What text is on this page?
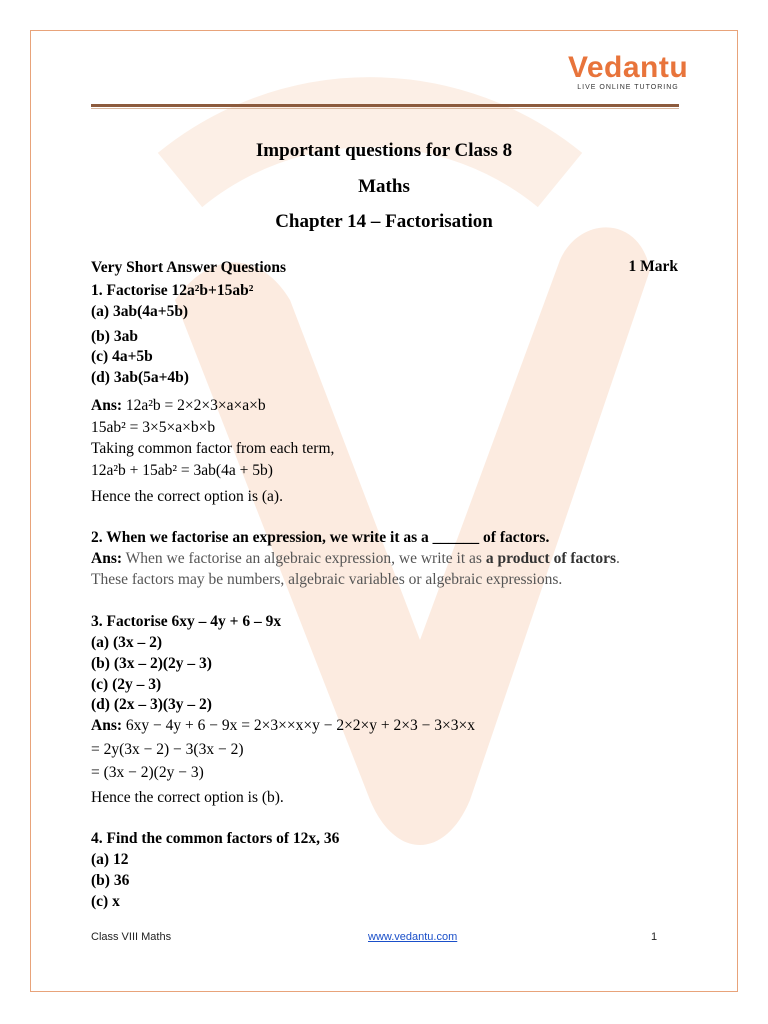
Vedantu
LIVE ONLINE TUTORING
Important questions for Class 8
Maths
Chapter 14 – Factorisation
Very Short Answer Questions	1 Mark
1. Factorise 12a²b+15ab²
(a) 3ab(4a+5b)
(b) 3ab
(c) 4a+5b
(d) 3ab(5a+4b)
Ans: 12a²b = 2×2×3×a×a×b
15ab² = 3×5×a×b×b
Taking common factor from each term,
12a²b + 15ab² = 3ab(4a + 5b)
Hence the correct option is (a).
2. When we factorise an expression, we write it as a ______ of factors.
Ans: When we factorise an algebraic expression, we write it as a product of factors.
These factors may be numbers, algebraic variables or algebraic expressions.
3. Factorise 6xy – 4y + 6 – 9x
(a) (3x – 2)
(b) (3x – 2)(2y – 3)
(c) (2y – 3)
(d) (2x – 3)(3y – 2)
Ans: 6xy − 4y + 6 − 9x = 2×3××x×y − 2×2×y + 2×3 − 3×3×x
= 2y(3x − 2) − 3(3x − 2)
= (3x − 2)(2y − 3)
Hence the correct option is (b).
4. Find the common factors of 12x, 36
(a) 12
(b) 36
(c) x
Class VIII Maths	www.vedantu.com	1
